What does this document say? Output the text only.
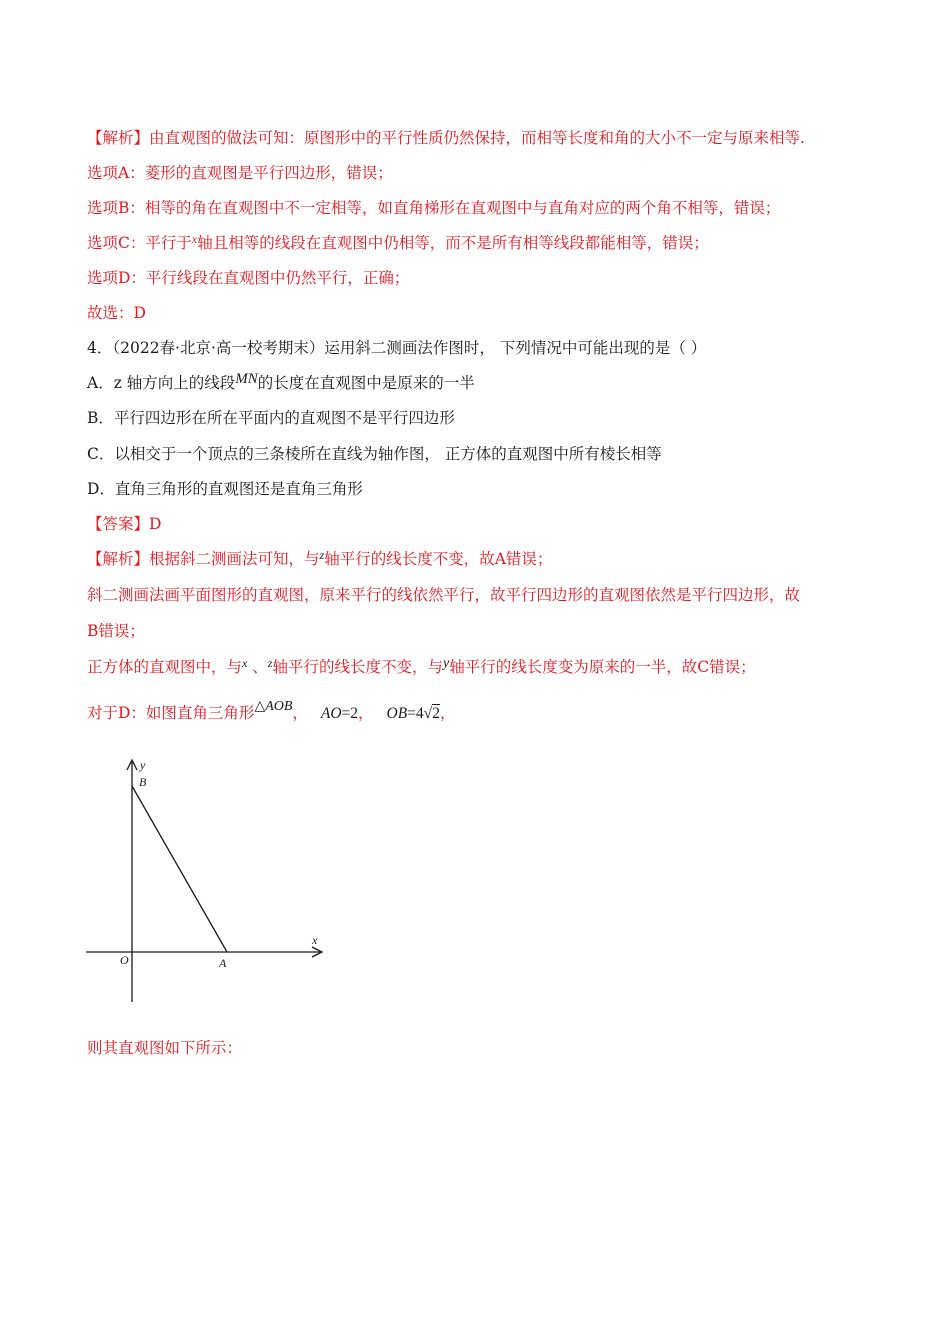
【解析】由直观图的做法可知：原图形中的平行性质仍然保持，而相等长度和角的大小不一定与原来相等.
选项A：菱形的直观图是平行四边形，错误；
选项B：相等的角在直观图中不一定相等，如直角梯形在直观图中与直角对应的两个角不相等，错误；
选项C：平行于$^x$轴且相等的线段在直观图中仍相等，而不是所有相等线段都能相等，错误；
选项D：平行线段在直观图中仍然平行，正确；
故选：D
4．（2022春·北京·高一校考期末）运用斜二测画法作图时， 下列情况中可能出现的是（ ）
A．z 轴方向上的线段MN的长度在直观图中是原来的一半
B．平行四边形在所在平面内的直观图不是平行四边形
C．以相交于一个顶点的三条棱所在直线为轴作图， 正方体的直观图中所有棱长相等
D．直角三角形的直观图还是直角三角形
【答案】D
【解析】根据斜二测画法可知，与$^z$轴平行的线长度不变，故A错误；
斜二测画法画平面图形的直观图，原来平行的线依然平行，故平行四边形的直观图依然是平行四边形，故
B错误；
正方体的直观图中，与$^x$ 、$^z$轴平行的线长度不变，与y轴平行的线长度变为原来的一半，故C错误；
对于D：如图直角三角形△AOB， AO=2， OB=4√2，
y
B
x
O	A
则其直观图如下所示：
